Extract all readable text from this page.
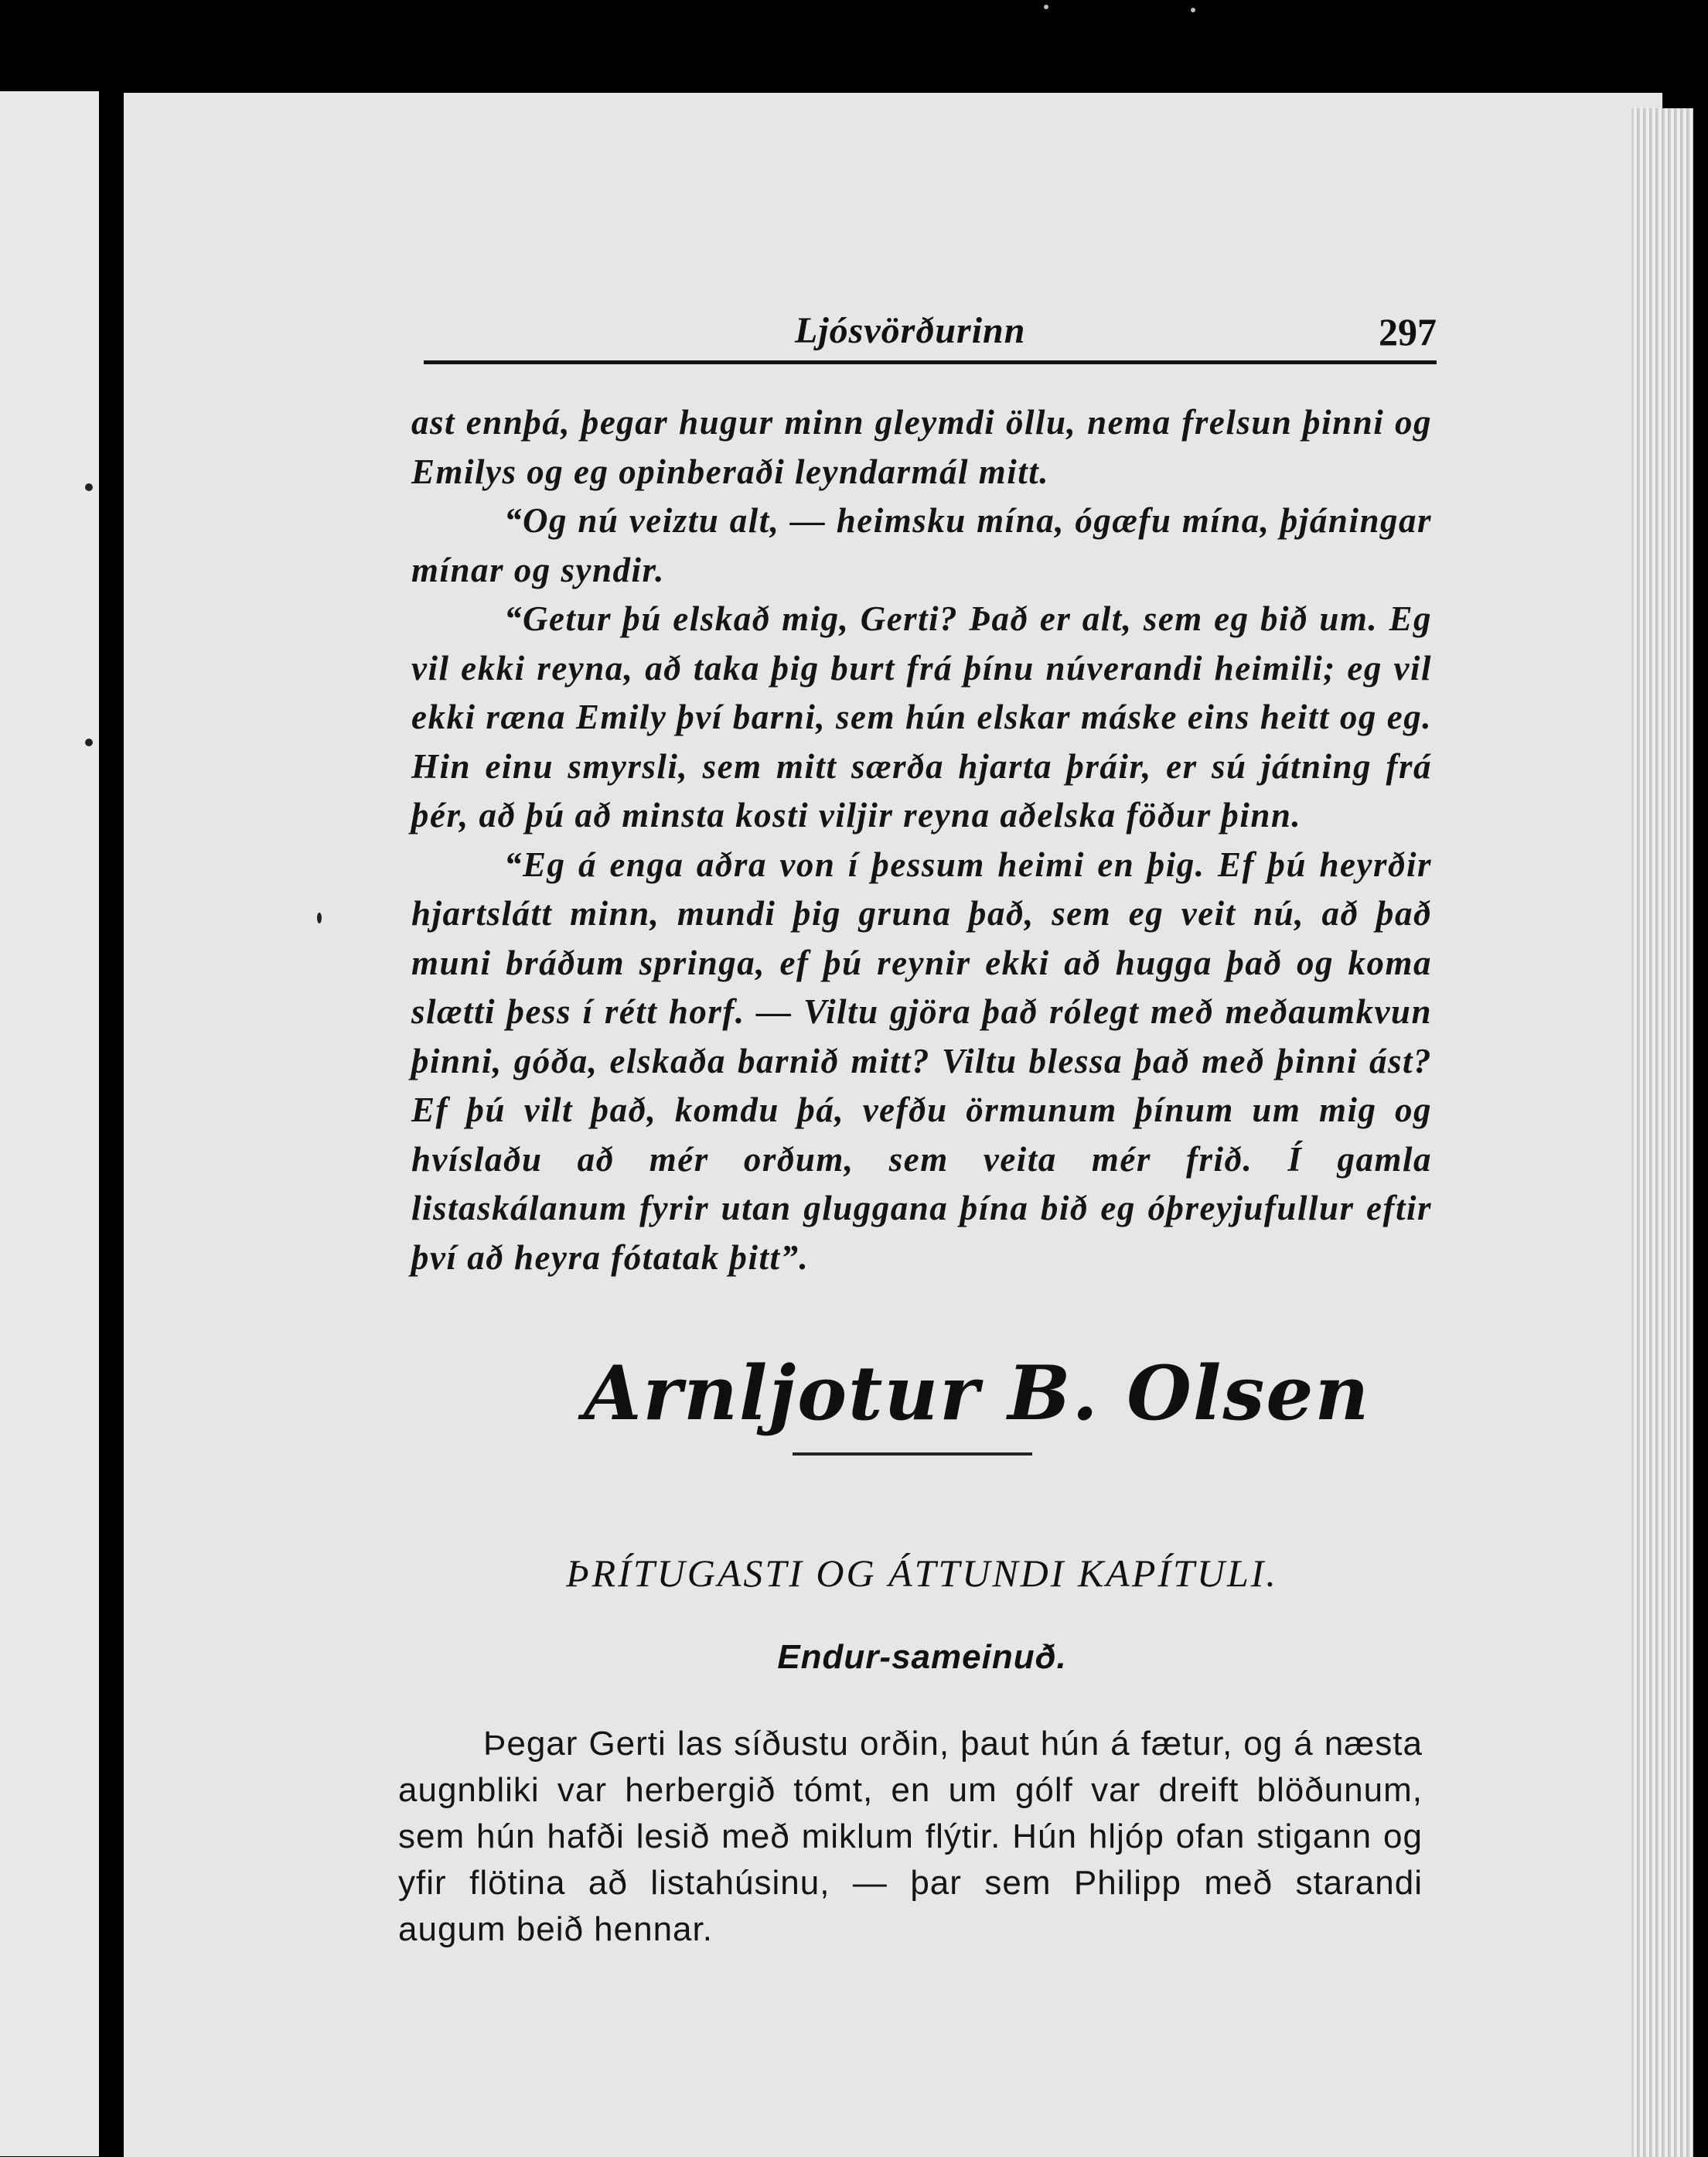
Ljósvörðurinn	297

ast ennþá, þegar hugur minn gleymdi öllu, nema frelsun þinni og Emilys og eg opinberaði leyndarmál mitt.

“Og nú veiztu alt, — heimsku mína, ógæfu mína, þjáningar mínar og syndir.

“Getur þú elskað mig, Gerti? Það er alt, sem eg bið um. Eg vil ekki reyna, að taka þig burt frá þínu núverandi heimili; eg vil ekki ræna Emily því barni, sem hún elskar máske eins heitt og eg. Hin einu smyrsli, sem mitt særða hjarta þráir, er sú játning frá þér, að þú að minsta kosti viljir reyna aðelska föður þinn.

“Eg á enga aðra von í þessum heimi en þig. Ef þú heyrðir hjartslátt minn, mundi þig gruna það, sem eg veit nú, að það muni bráðum springa, ef þú reynir ekki að hugga það og koma slætti þess í rétt horf. — Viltu gjöra það rólegt með meðaumkvun þinni, góða, elskaða barnið mitt? Viltu blessa það með þinni ást? Ef þú vilt það, komdu þá, vefðu örmunum þínum um mig og hvíslaðu að mér orðum, sem veita mér frið. Í gamla listaskálanum fyrir utan gluggana þína bið eg óþreyjufullur eftir því að heyra fótatak þitt”.

Arnljotur B. Olsen
ÞRÍTUGASTI OG ÁTTUNDI KAPÍTULI.
Endur-sameinuð.

Þegar Gerti las síðustu orðin, þaut hún á fætur, og á næsta augnbliki var herbergið tómt, en um gólf var dreift blöðunum, sem hún hafði lesið með miklum flýtir. Hún hljóp ofan stigann og yfir flötina að listahúsinu, — þar sem Philipp með starandi augum beið hennar.
